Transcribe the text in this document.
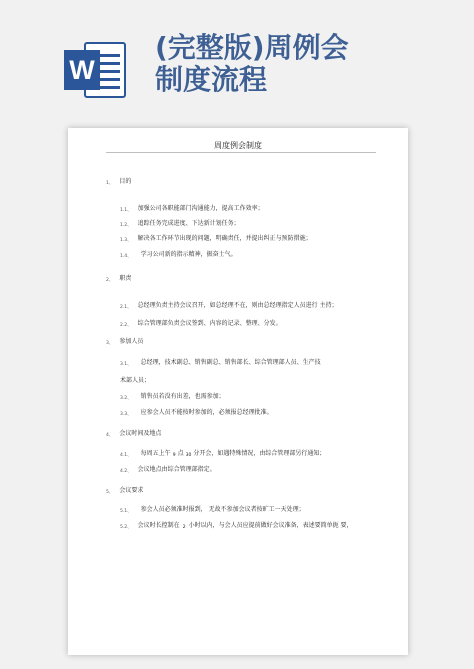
W
(完整版)周例会
制度流程
周度例会制度
1、 目的
1.1、 加强公司各职能部门沟通能力，提高工作效率；
1.2、 追踪任务完成进度、下达新计划任务；
1.3、 解决各工作环节出现的问题，明确责任，并提出纠正与预防措施；
1.4、 学习公司新的指示精神，振奋士气。
2、 职责
2.1、 总经理负责主持会议召开，如总经理不在，则由总经理指定人员进行 主持；
2.2、 综合管理部负责会议签到、内容的记录、整理、分发。
3、 参加人员
3.1、 总经理，技术副总、销售副总、销售部长、综合管理部人员、生产技
术部人员；
3.2、 销售员若没有出差，也需参加；
3.3、 应参会人员不能按时参加的，必须报总经理批准。
4、 会议时间及地点
4.1、 每周五上午 9 点 30 分开会，如遇特殊情况，由综合管理部另行通知；
4.2、 会议地点由综合管理部指定。
5、 会议要求
5.1、 参会人员必须准时报到， 无故不参加会议者按旷工一天处理；
5.2、 会议时长控制在 2 小时以内，与会人员应提前做好会议准备，表述要简单扼 要，
